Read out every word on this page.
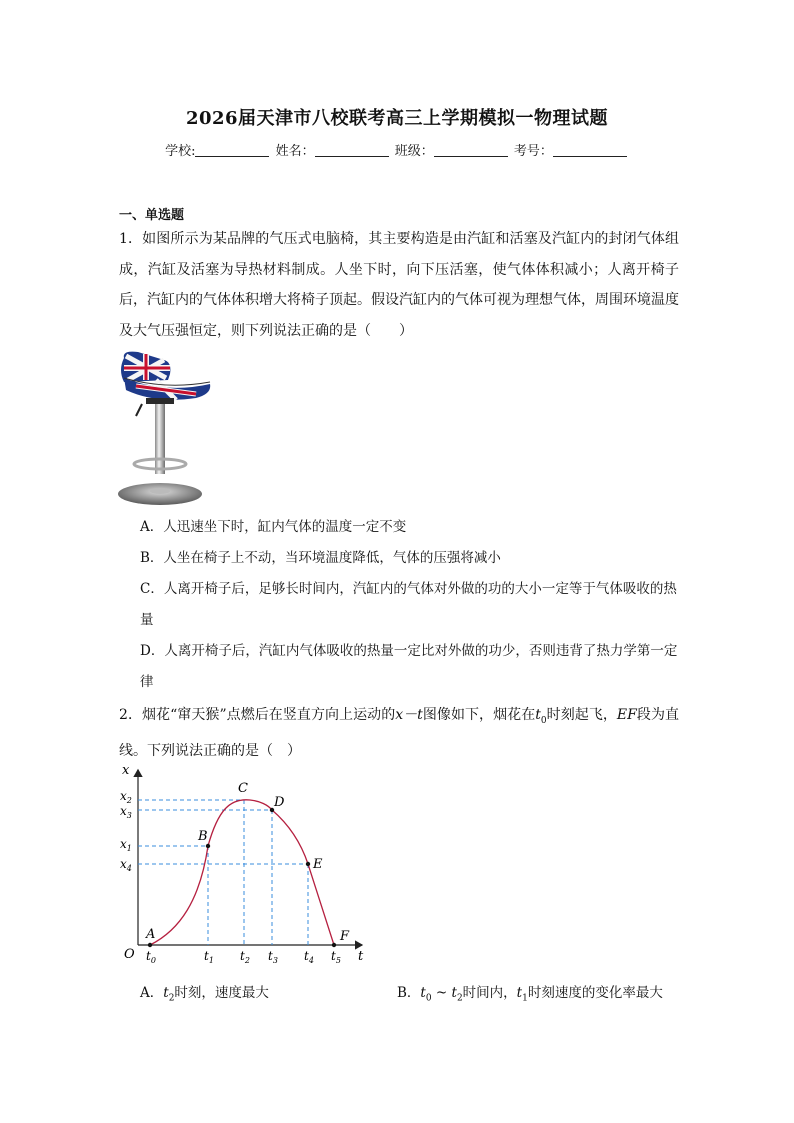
2026届天津市八校联考高三上学期模拟一物理试题
学校:	姓名：	班级：	考号：
一、单选题
1．如图所示为某品牌的气压式电脑椅，其主要构造是由汽缸和活塞及汽缸内的封闭气体组成，汽缸及活塞为导热材料制成。人坐下时，向下压活塞，使气体体积减小；人离开椅子后，汽缸内的气体体积增大将椅子顶起。假设汽缸内的气体可视为理想气体，周围环境温度及大气压强恒定，则下列说法正确的是（　　）
A．人迅速坐下时，缸内气体的温度一定不变
B．人坐在椅子上不动，当环境温度降低，气体的压强将减小
C．人离开椅子后，足够长时间内，汽缸内的气体对外做的功的大小一定等于气体吸收的热量
D．人离开椅子后，汽缸内气体吸收的热量一定比对外做的功少，否则违背了热力学第一定律
2．烟花“窜天猴”点燃后在竖直方向上运动的x－t图像如下，烟花在$t_0$时刻起飞，EF段为直线。下列说法正确的是（　）
x
t
O
A
B
C
D
E
F
$x_2$
$x_3$
$x_1$
$x_4$
$t_0$	$t_1$ $t_2$ $t_3$ $t_4$ $t_5$
A．$t_2$时刻，速度最大	B．$t_0$ ~ $t_2$时间内，$t_1$时刻速度的变化率最大
